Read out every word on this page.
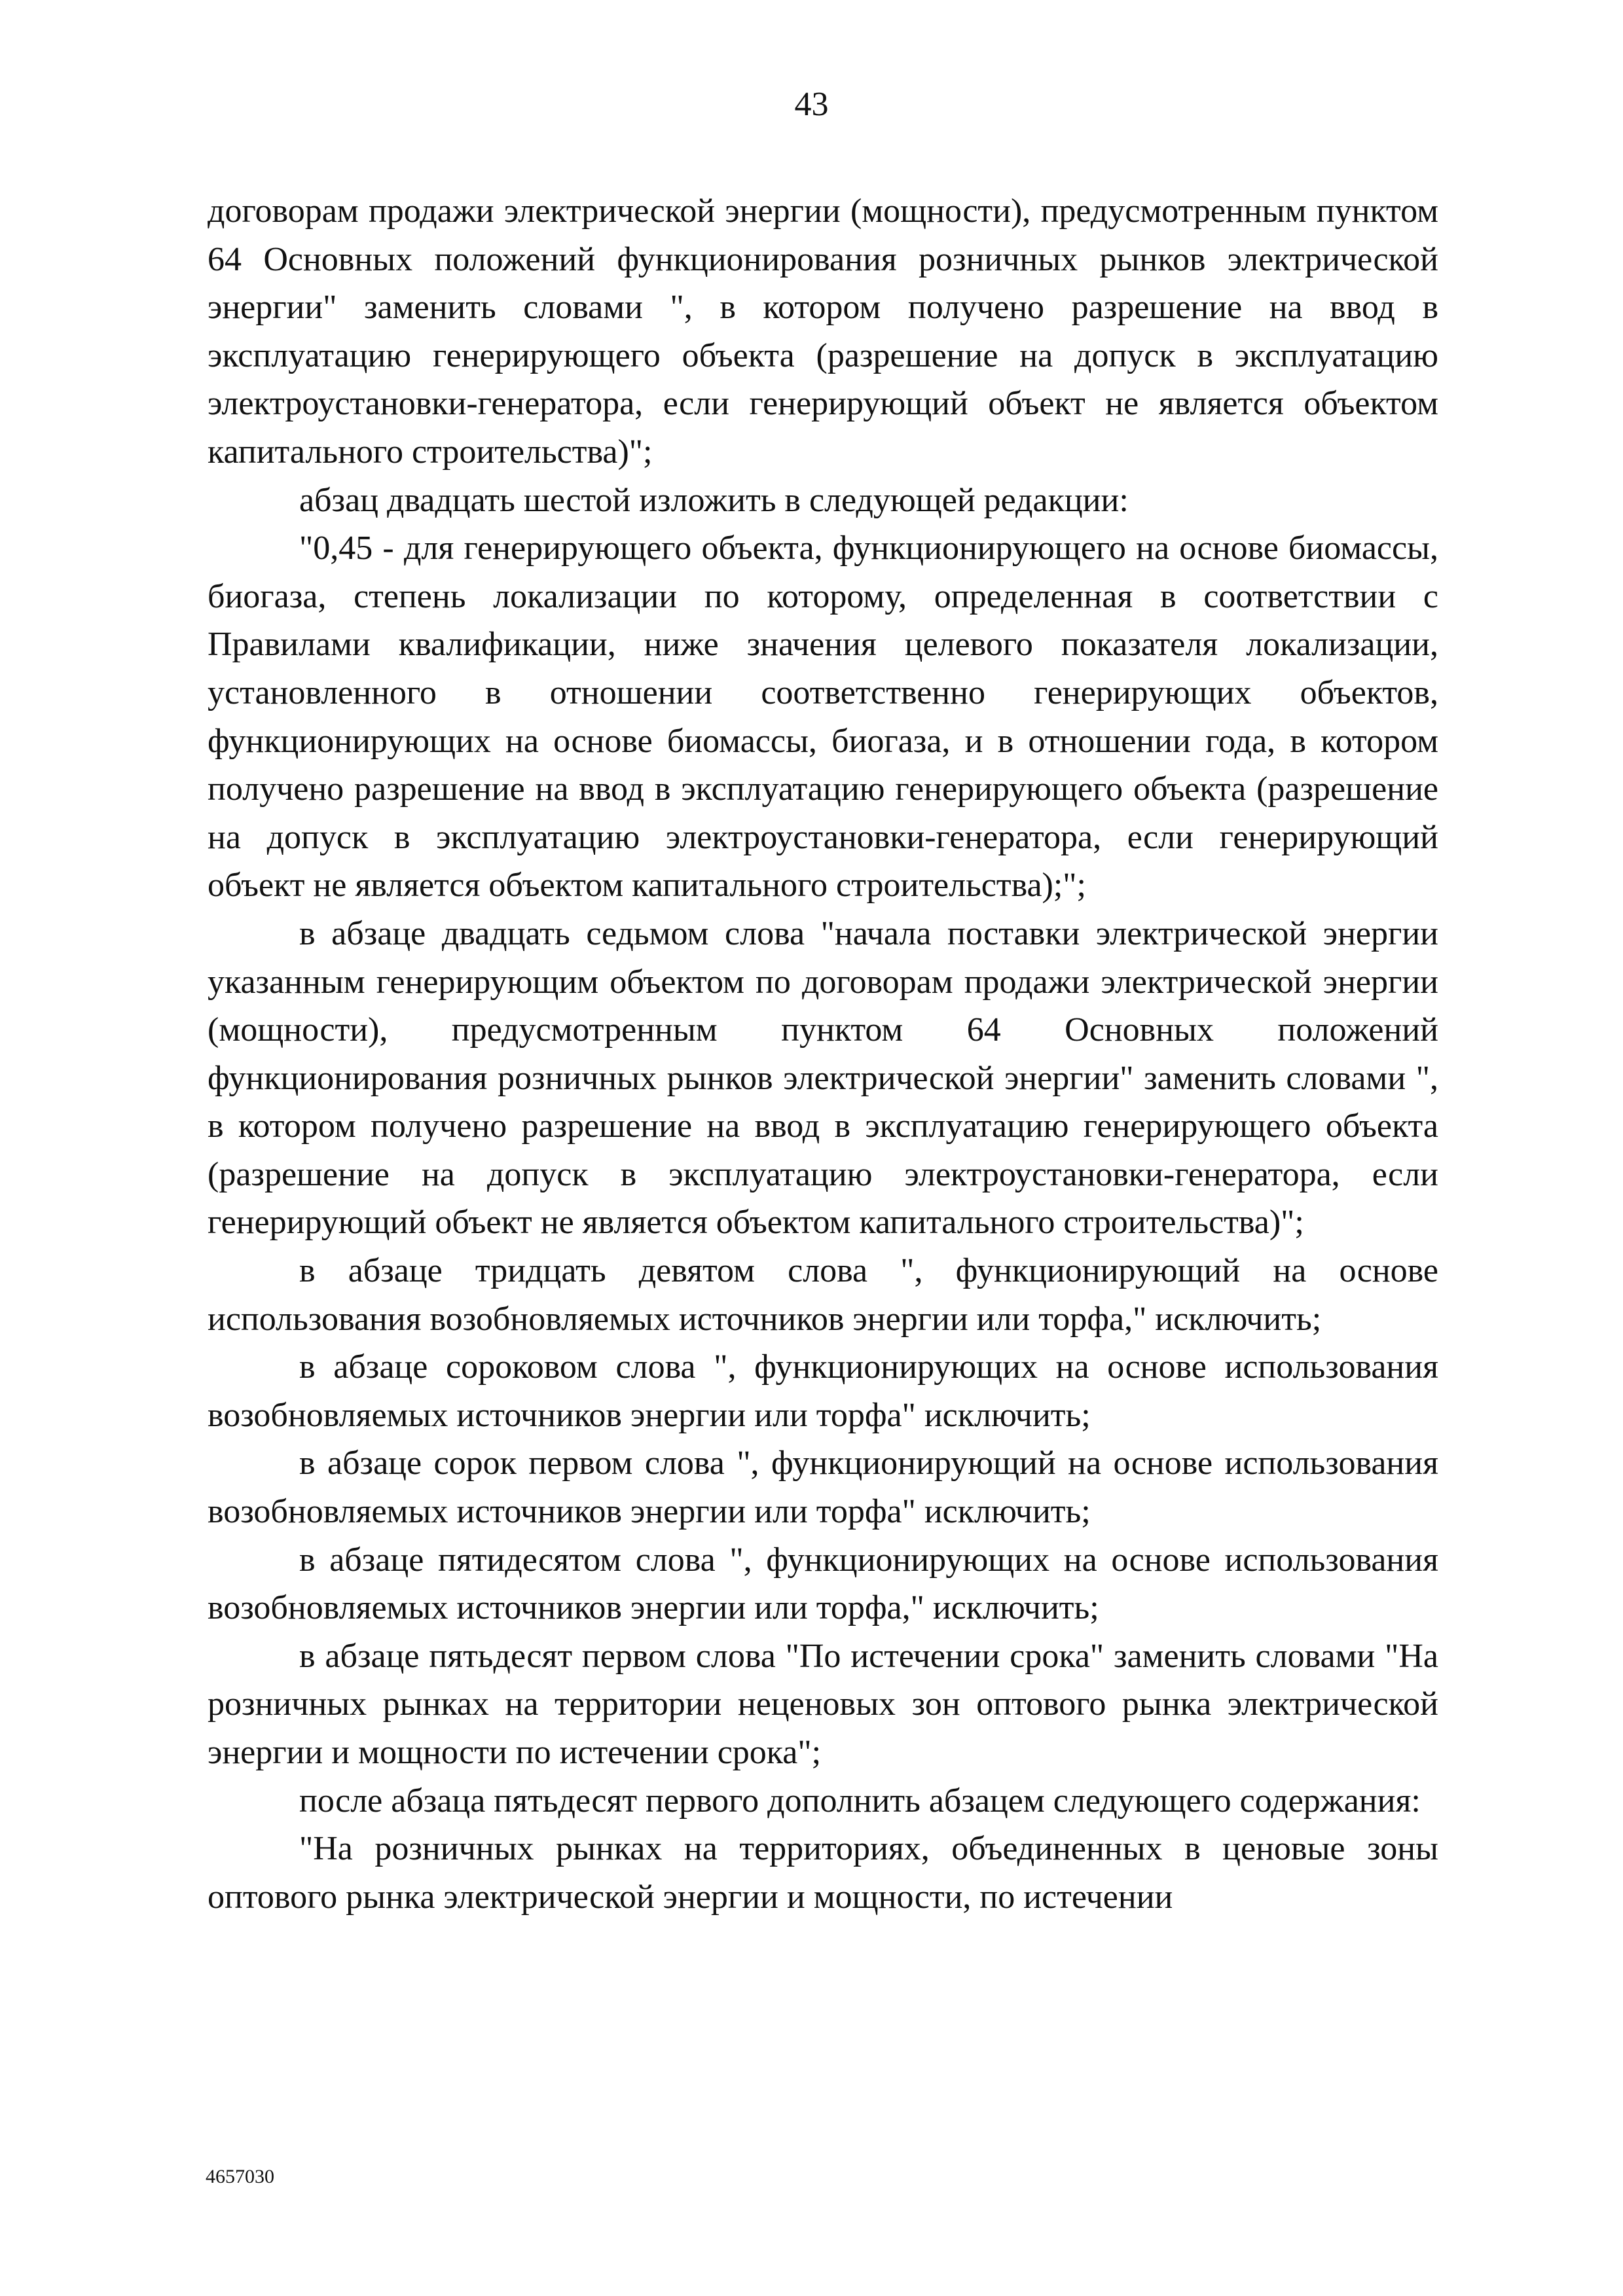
43

договорам продажи электрической энергии (мощности), предусмотренным пунктом 64 Основных положений функционирования розничных рынков электрической энергии" заменить словами ", в котором получено разрешение на ввод в эксплуатацию генерирующего объекта (разрешение на допуск в эксплуатацию электроустановки-генератора, если генерирующий объект не является объектом капитального строительства)";

абзац двадцать шестой изложить в следующей редакции:

"0,45 - для генерирующего объекта, функционирующего на основе биомассы, биогаза, степень локализации по которому, определенная в соответствии с Правилами квалификации, ниже значения целевого показателя локализации, установленного в отношении соответственно генерирующих объектов, функционирующих на основе биомассы, биогаза, и в отношении года, в котором получено разрешение на ввод в эксплуатацию генерирующего объекта (разрешение на допуск в эксплуатацию электроустановки-генератора, если генерирующий объект не является объектом капитального строительства);";

в абзаце двадцать седьмом слова "начала поставки электрической энергии указанным генерирующим объектом по договорам продажи электрической энергии (мощности), предусмотренным пунктом 64 Основных положений функционирования розничных рынков электрической энергии" заменить словами ", в котором получено разрешение на ввод в эксплуатацию генерирующего объекта (разрешение на допуск в эксплуатацию электроустановки-генератора, если генерирующий объект не является объектом капитального строительства)";

в абзаце тридцать девятом слова ", функционирующий на основе использования возобновляемых источников энергии или торфа," исключить;

в абзаце сороковом слова ", функционирующих на основе использования возобновляемых источников энергии или торфа" исключить;

в абзаце сорок первом слова ", функционирующий на основе использования возобновляемых источников энергии или торфа" исключить;

в абзаце пятидесятом слова ", функционирующих на основе использования возобновляемых источников энергии или торфа," исключить;

в абзаце пятьдесят первом слова "По истечении срока" заменить словами "На розничных рынках на территории неценовых зон оптового рынка электрической энергии и мощности по истечении срока";

после абзаца пятьдесят первого дополнить абзацем следующего содержания:

"На розничных рынках на территориях, объединенных в ценовые зоны оптового рынка электрической энергии и мощности, по истечении

4657030
